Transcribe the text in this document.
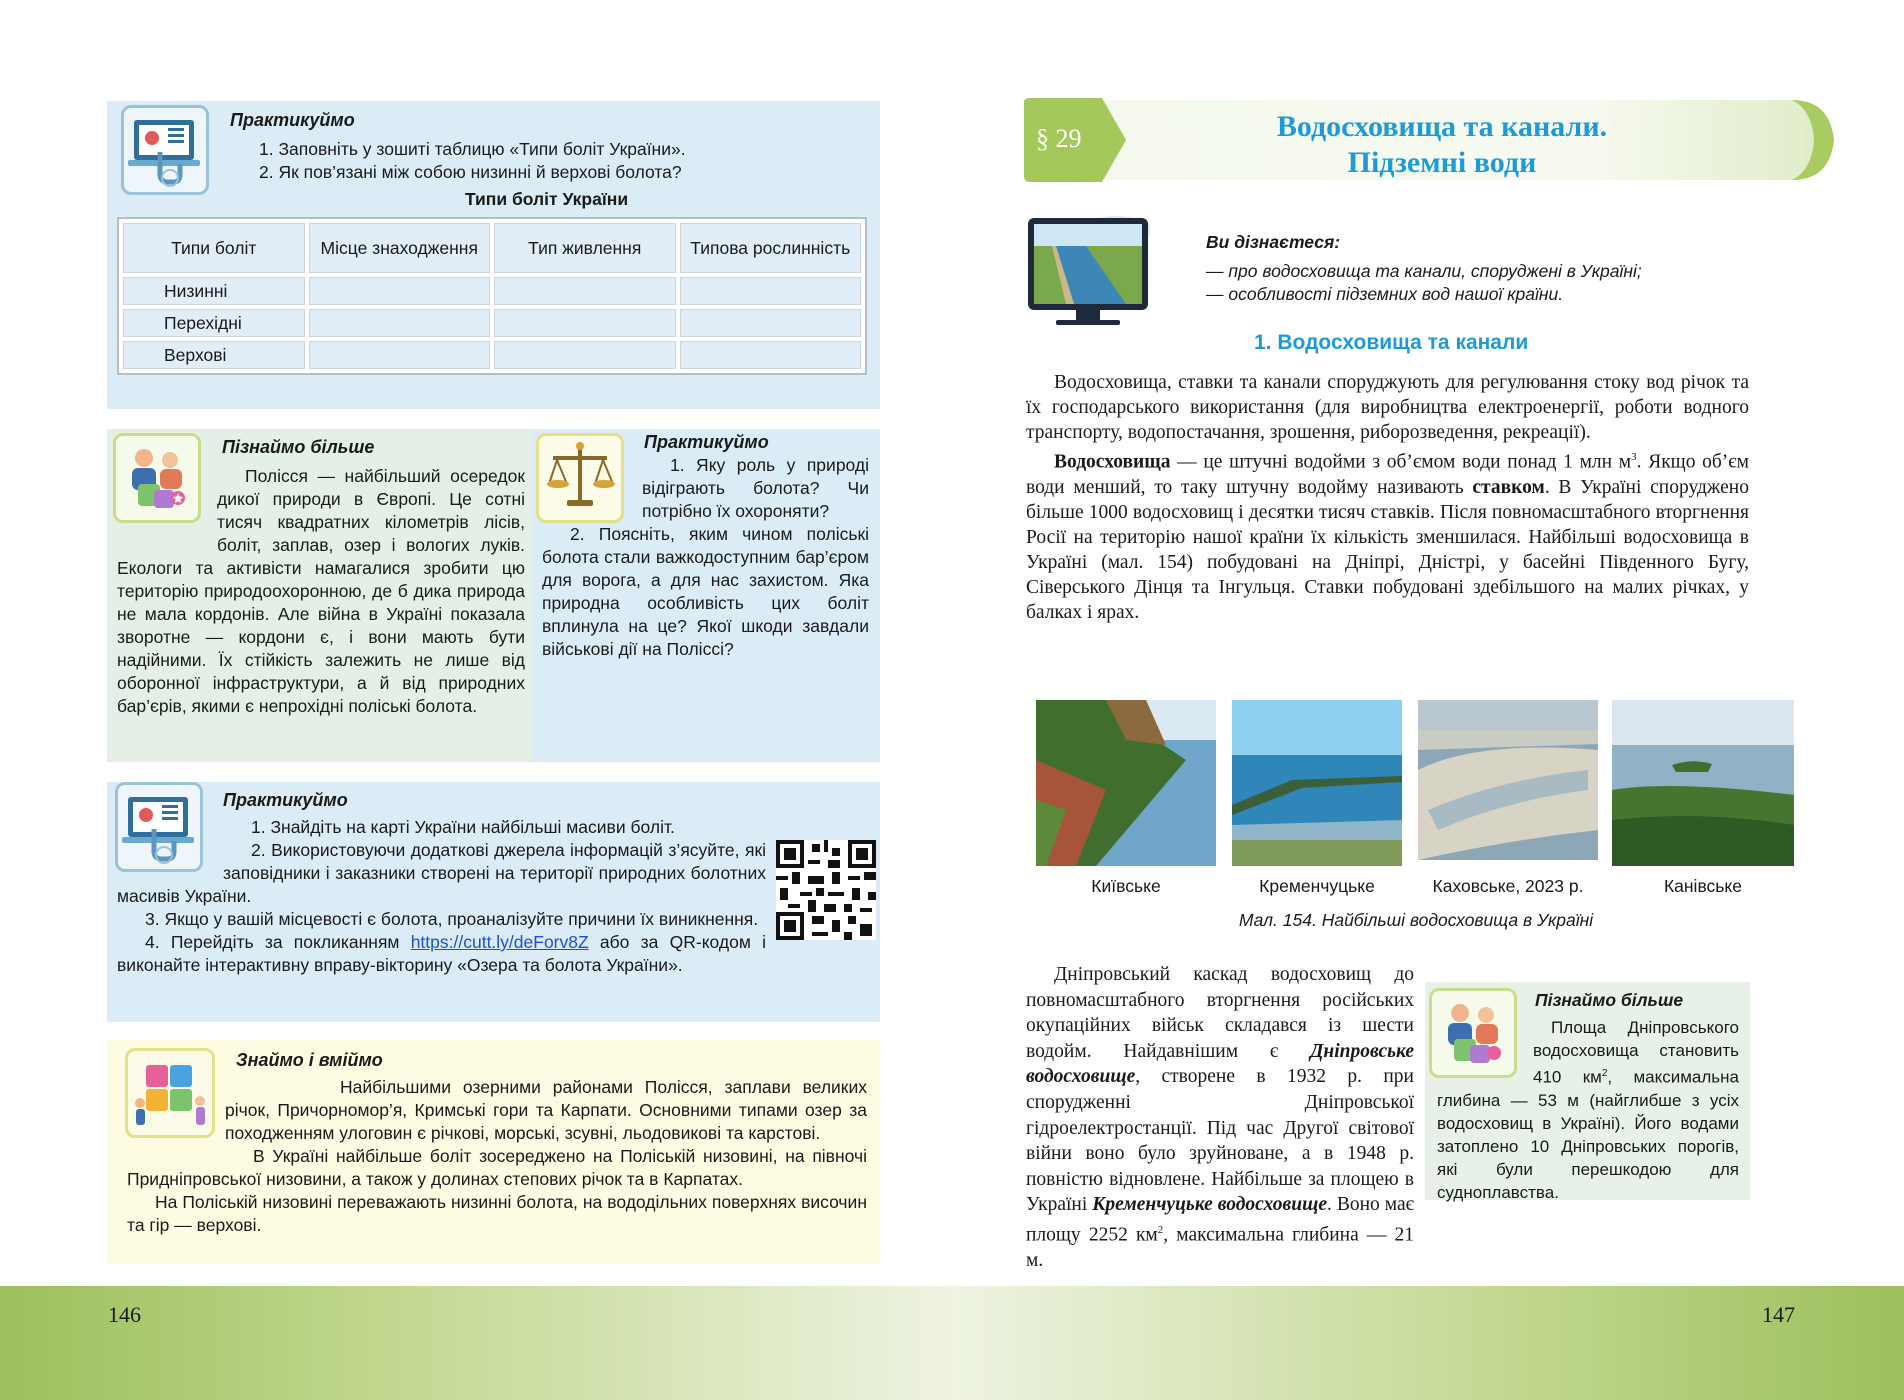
Практикуймо
1. Заповніть у зошиті таблицю «Типи боліт України».
2. Як пов’язані між собою низинні й верхові болота?
Типи боліт України
Типи боліт	Місце знаходження	Тип живлення	Типова рослинність
Низинні			
Перехідні			
Верхові			
Пізнаймо більше

Полісся — найбільший осередок дикої природи в Європі. Це сотні тисяч квадратних кілометрів лісів, боліт, заплав, озер і вологих луків. Екологи та активісти намагалися зробити цю територію природоохоронною, де б дика природа не мала кордонів. Але війна в Україні показала зворотне — кордони є, і вони мають бути надійними. Їх стійкість залежить не лише від оборонної інфраструктури, а й від природних бар’єрів, якими є непрохідні поліські болота.

Практикуймо

1. Яку роль у природі відіграють болота? Чи потрібно їх охороняти?

2. Поясніть, яким чином поліські болота стали важкодоступним бар’єром для ворога, а для нас захистом. Яка природна особливість цих боліт вплинула на це? Якої шкоди завдали військові дії на Поліссі?

Практикуймо

1. Знайдіть на карті України найбільші масиви боліт.

2. Використовуючи додаткові джерела інформацій з’ясуйте, які заповідники і заказники створені на території природних болотних масивів України.

3. Якщо у вашій місцевості є болота, проаналізуйте причини їх виникнення.

4. Перейдіть за покликанням https://cutt.ly/deForv8Z або за QR-кодом і виконайте інтерактивну вправу-вікторину «Озера та болота України».

Знаймо і вміймо

Найбільшими озерними районами Полісся, заплави великих річок, Причорномор’я, Кримські гори та Карпати. Основними типами озер за походженням улоговин є річкові, морські, зсувні, льодовикові та карстові.

В Україні найбільше боліт зосереджено на Поліській низовині, на півночі Придніпровської низовини, а також у долинах степових річок та в Карпатах.

На Поліській низовині переважають низинні болота, на вододільних поверхнях височин та гір — верхові.

146	147
§ 29	Водосховища та канали.
Підземні води
Ви дізнаєтеся:
— про водосховища та канали, споруджені в Україні;
— особливості підземних вод нашої країни.
1. Водосховища та канали

Водосховища, ставки та канали споруджують для регулювання стоку вод річок та їх господарського використання (для виробництва електроенергії, роботи водного транспорту, водопостачання, зрошення, риборозведення, рекреації).

Водосховища — це штучні водойми з об’ємом води понад 1 млн $м^3$. Якщо об’єм води менший, то таку штучну водойму називають ставком. В Україні споруджено більше 1000 водосховищ і десятки тисяч ставків. Після повномасштабного вторгнення Росії на територію нашої країни їх кількість зменшилася. Найбільші водосховища в Україні (мал. 154) побудовані на Дніпрі, Дністрі, у басейні Південного Бугу, Сіверського Дінця та Інгульця. Ставки побудовані здебільшого на малих річках, у балках і ярах.

Київське	Кременчуцьке	Каховське, 2023 р.	Канівське
Мал. 154. Найбільші водосховища в Україні
Пізнаймо більше

Площа Дніпровського водосховища становить 410 $км^2$, максимальна глибина — 53 м (найглибше з усіх водосховищ в Україні). Його водами затоплено 10 Дніпровських порогів, які були перешкодою для судноплавства.

Дніпровський каскад водосховищ до повномасштабного вторгнення російських окупаційних військ складався із шести водойм. Найдавнішим є Дніпровське водосховище, створене в 1932 р. при спорудженні Дніпровської гідроелектростанції. Під час Другої світової війни воно було зруйноване, а в 1948 р. повністю відновлене. Найбільше за площею в Україні Кременчуцьке водосховище. Воно має площу 2252 $км^2$, максимальна глибина — 21 м.
